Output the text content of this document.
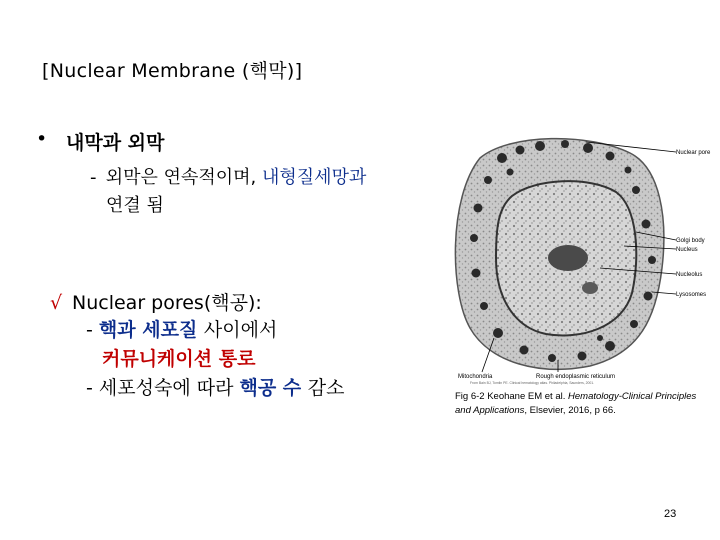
[Nuclear Membrane (핵막)]
• 내막과 외막
- 외막은 연속적이며, 내형질세망과
연결 됨
√ Nuclear pores(핵공):
- 핵과 세포질 사이에서
커뮤니케이션 통로
- 세포성숙에 따라 핵공 수 감소
Nuclear pore
Golgi body
Nucleus
Nucleolus
Lysosomes
Mitochondria	Rough endoplasmic reticulum
From Bain BJ, Tomlin PE. Clinical hematology atlas. Philadelphia, Saunders, 2001.
Fig 6-2 Keohane EM et al. Hematology-Clinical Principles and Applications, Elsevier, 2016, p 66.
23
